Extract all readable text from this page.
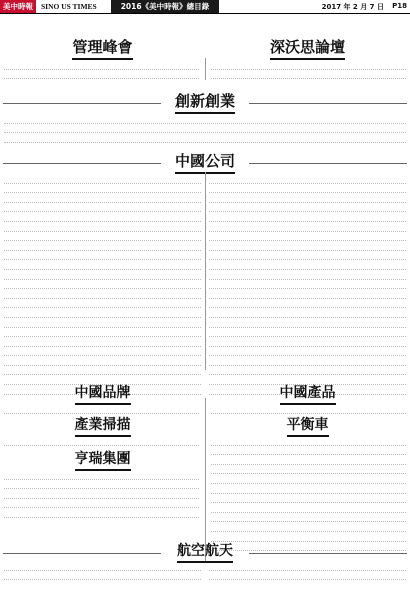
美中時報	SINO US TIMES	2016《美中時報》總目錄	2017 年 2 月 7 日 P18
管理峰會	深沃思論壇
創新創業
中國公司
中國品牌	中國產品
產業掃描
亨瑞集團
平衡車
航空航天
